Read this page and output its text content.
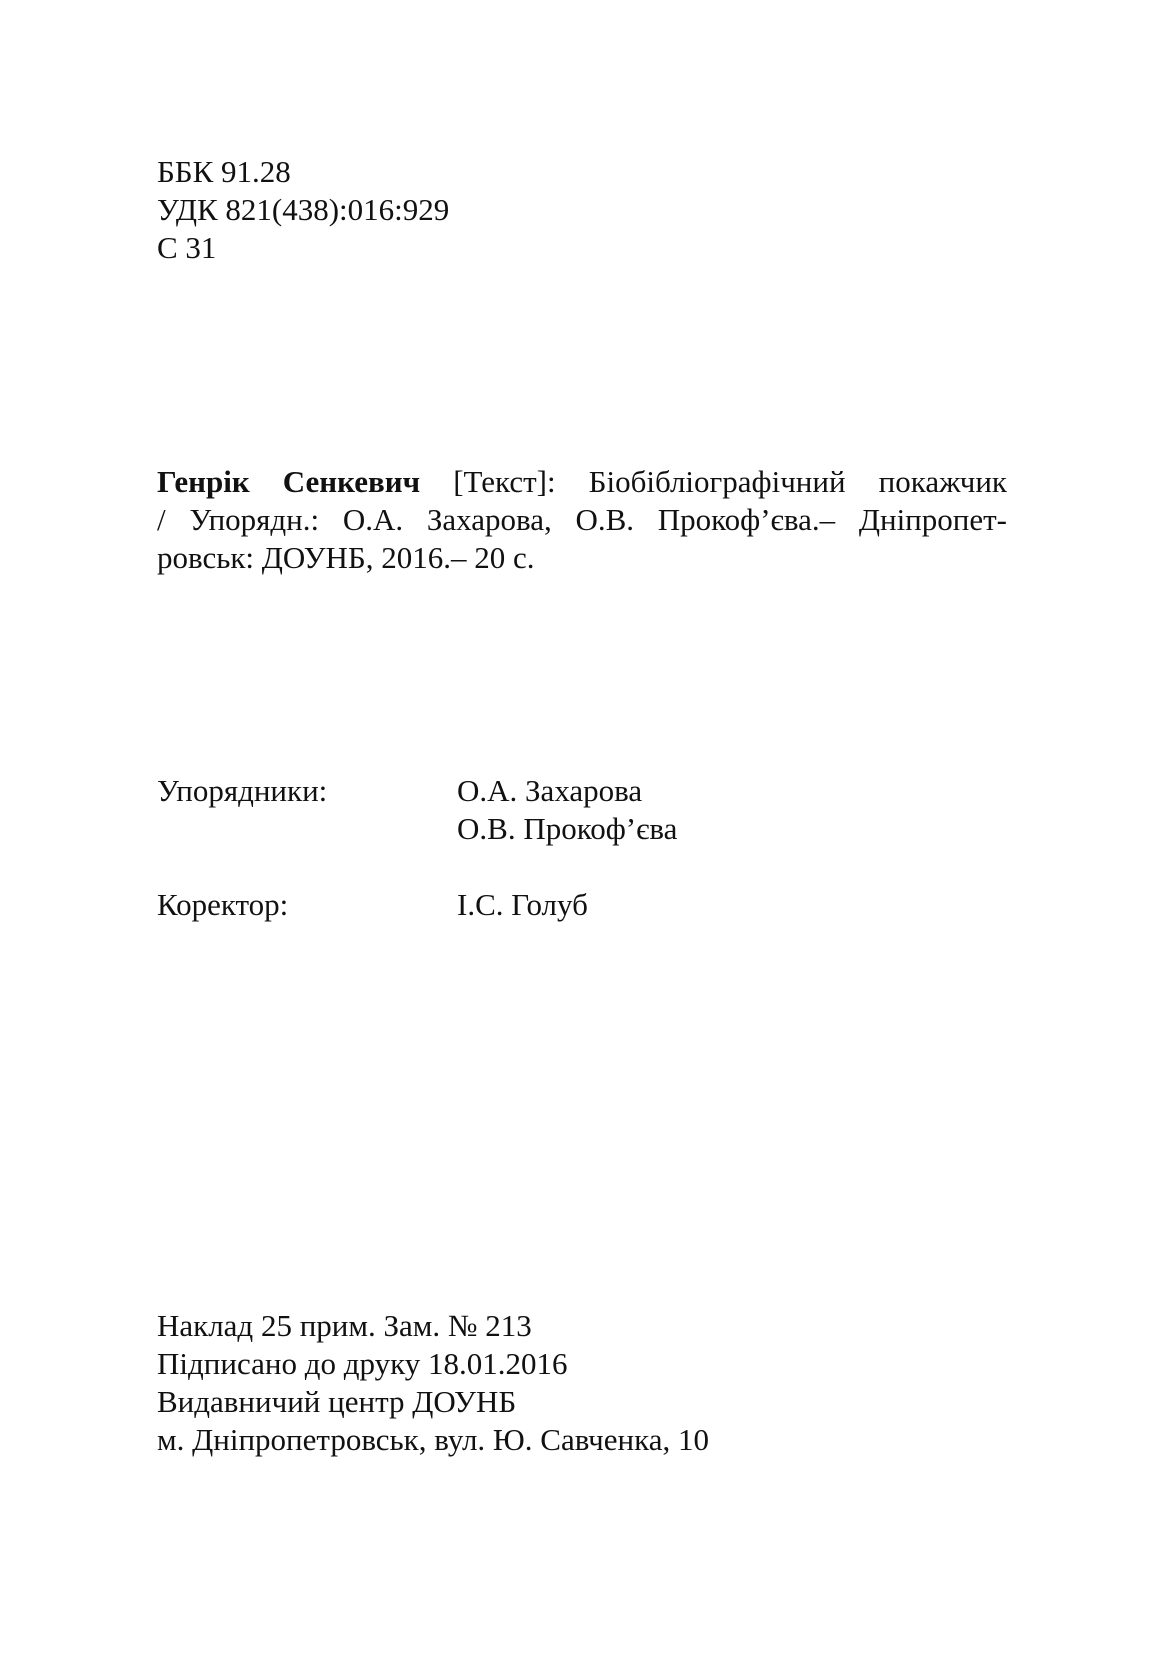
ББК 91.28
УДК 821(438):016:929
С 31
Генрік Сенкевич [Текст]: Біобібліографічний покажчик
/ Упорядн.: О.А. Захарова, О.В. Прокоф’єва.– Дніпропет-
ровськ: ДОУНБ, 2016.– 20 с.
Упорядники:	О.А. Захарова
О.В. Прокоф’єва
Коректор:	І.С. Голуб
Наклад 25 прим. Зам. № 213
Підписано до друку 18.01.2016
Видавничий центр ДОУНБ
м. Дніпропетровськ, вул. Ю. Савченка, 10
